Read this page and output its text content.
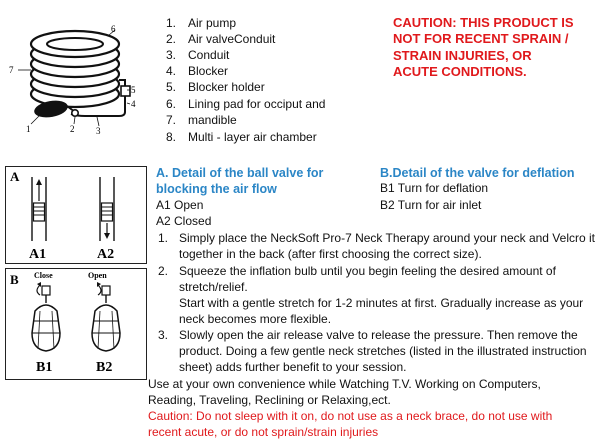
6
7
5
4
1	2 3
1. Air pump
2. Air valveConduit
3. Conduit
4. Blocker
5. Blocker holder
6. Lining pad for occiput and
7. mandible
8. Multi - layer air chamber
CAUTION: THIS PRODUCT IS
NOT FOR RECENT SPRAIN /
STRAIN INJURIES, OR
ACUTE CONDITIONS.
A
A1	A2
B Close	Open
B1	B2
A. Detail of the ball valve for
blocking the air flow
A1 Open
A2 Closed
B.Detail of the valve for deflation
B1 Turn for deflation
B2 Turn for air inlet
1. Simply place the NeckSoft Pro-7 Neck Therapy around your neck and Velcro it
together in the back (after first choosing the correct size).
2. Squeeze the inflation bulb until you begin feeling the desired amount of
stretch/relief.
Start with a gentle stretch for 1-2 minutes at first. Gradually increase as your
neck becomes more flexible.
3. Slowly open the air release valve to release the pressure. Then remove the
product. Doing a few gentle neck stretches (listed in the illustrated instruction
sheet) adds further benefit to your session.
Use at your own convenience while Watching T.V. Working on Computers,
Reading, Traveling, Reclining or Relaxing,ect.
Caution: Do not sleep with it on, do not use as a neck brace, do not use with
recent acute, or do not sprain/strain injuries
